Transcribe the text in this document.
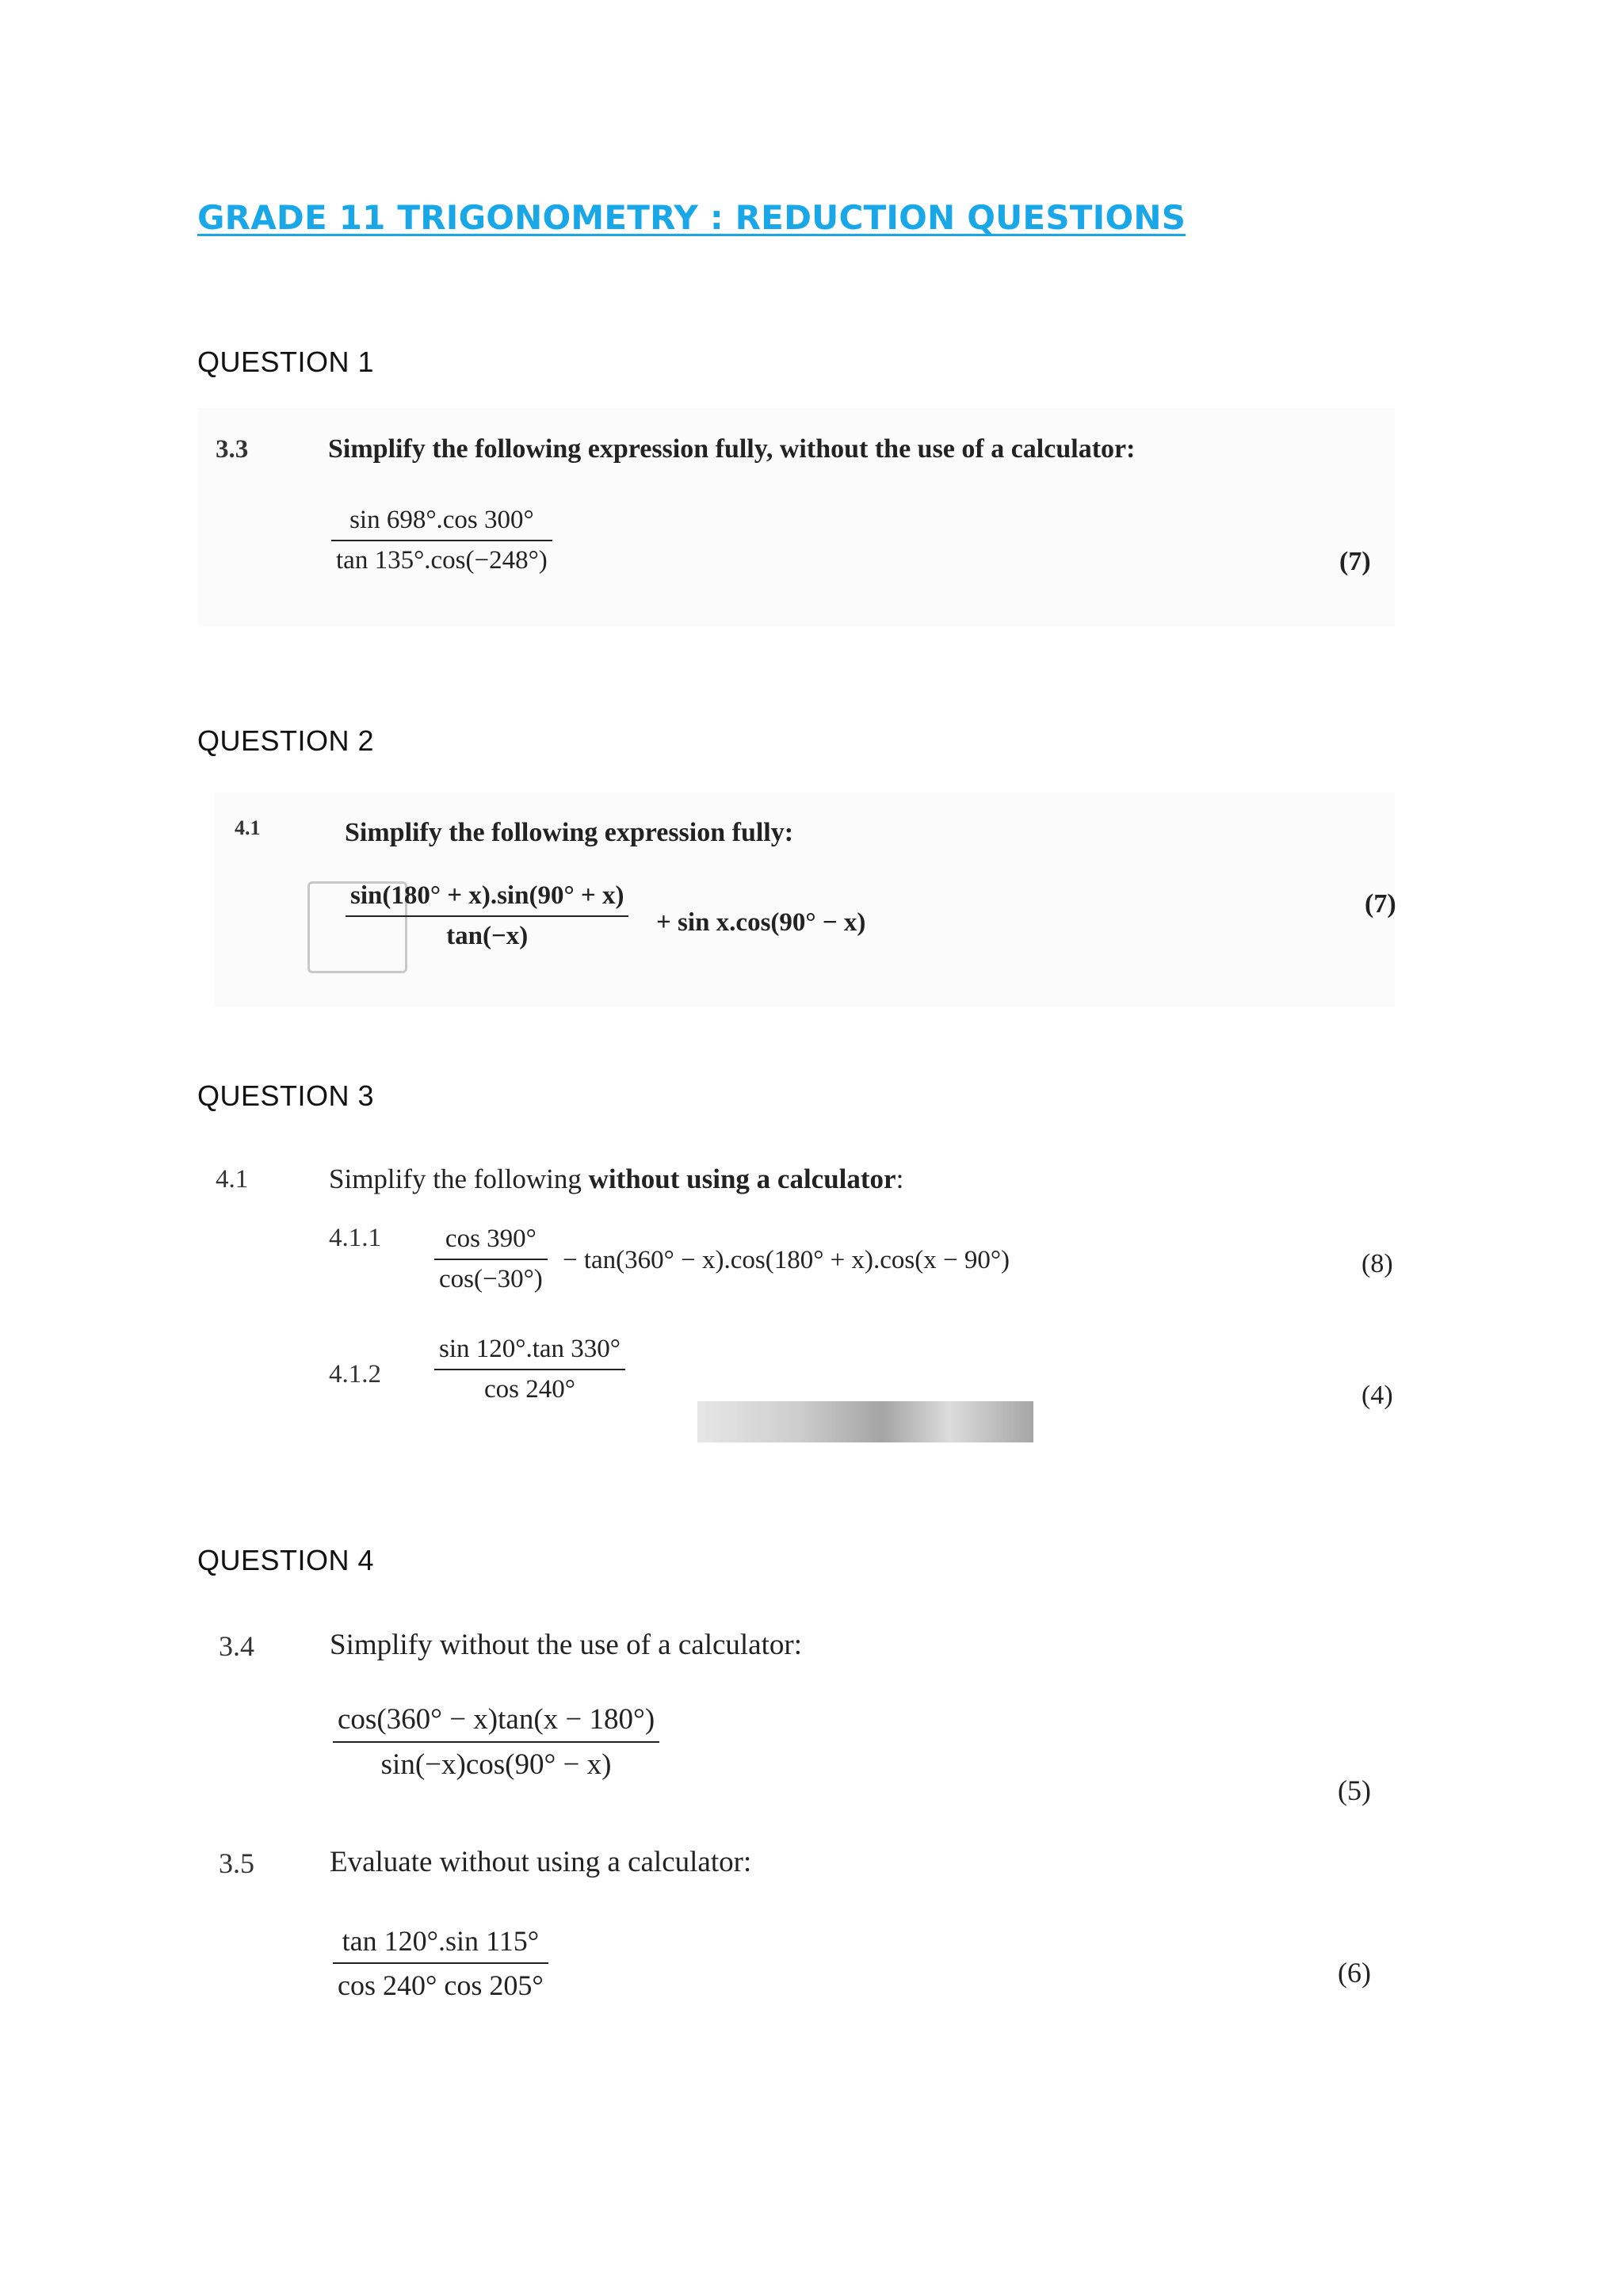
GRADE 11 TRIGONOMETRY : REDUCTION QUESTIONS
QUESTION 1
3.3	Simplify the following expression fully, without the use of a calculator:
sin 698°.cos 300°
tan 135°.cos(−248°)	(7)
QUESTION 2
4.1	Simplify the following expression fully:
sin(180° + x).sin(90° + x)
tan(−x)	+ sin x.cos(90° − x)
(7)
QUESTION 3
4.1	Simplify the following without using a calculator:
4.1.1 cos 390°
cos(−30°)
− tan(360° − x).cos(180° + x).cos(x − 90°)	(8)
4.1.2
sin 120°.tan 330°
cos 240°	(4)
QUESTION 4
3.4	Simplify without the use of a calculator:
cos(360° − x)tan(x − 180°)
sin(−x)cos(90° − x)
(5)
3.5	Evaluate without using a calculator:
tan 120°.sin 115°
cos 240° cos 205°	(6)
